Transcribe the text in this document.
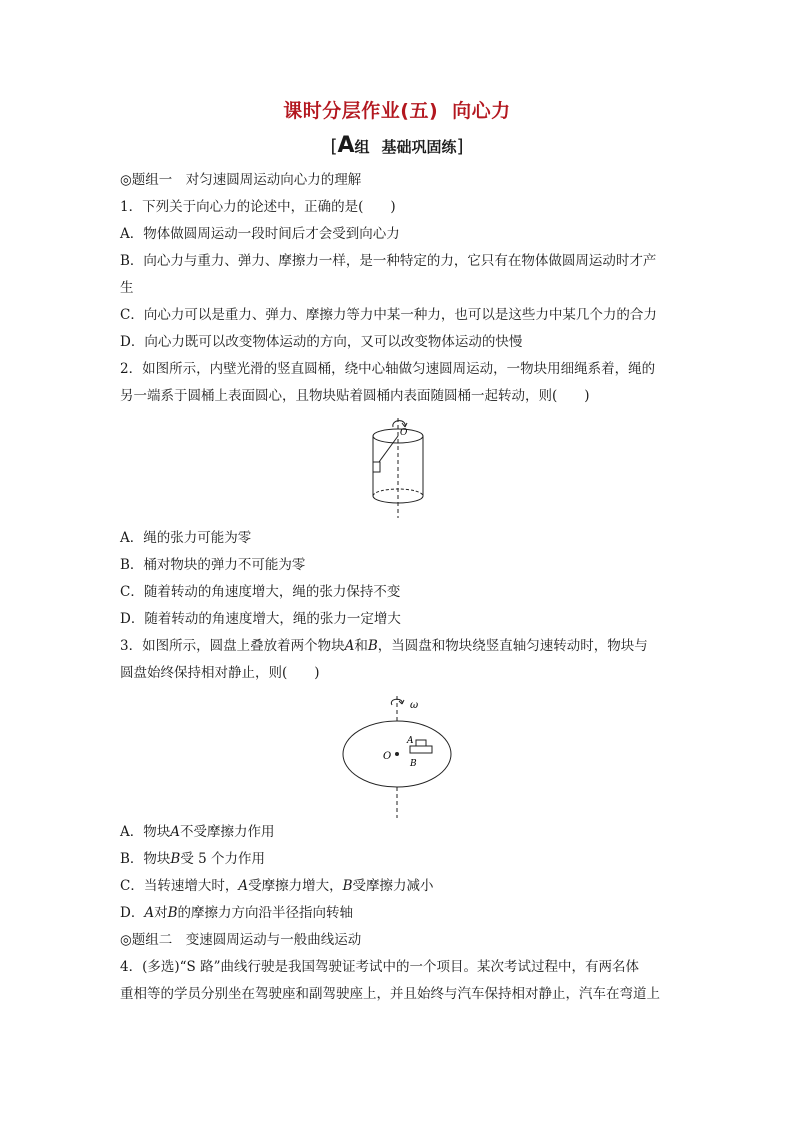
课时分层作业(五) 向心力
[A组 基础巩固练]
◎题组一　对匀速圆周运动向心力的理解
1．下列关于向心力的论述中，正确的是(　　)
A．物体做圆周运动一段时间后才会受到向心力
B．向心力与重力、弹力、摩擦力一样，是一种特定的力，它只有在物体做圆周运动时才产
生
C．向心力可以是重力、弹力、摩擦力等力中某一种力，也可以是这些力中某几个力的合力
D．向心力既可以改变物体运动的方向，又可以改变物体运动的快慢
2．如图所示，内壁光滑的竖直圆桶，绕中心轴做匀速圆周运动，一物块用细绳系着，绳的
另一端系于圆桶上表面圆心，且物块贴着圆桶内表面随圆桶一起转动，则(　　)
O
A．绳的张力可能为零
B．桶对物块的弹力不可能为零
C．随着转动的角速度增大，绳的张力保持不变
D．随着转动的角速度增大，绳的张力一定增大
3．如图所示，圆盘上叠放着两个物块A和B，当圆盘和物块绕竖直轴匀速转动时，物块与
圆盘始终保持相对静止，则(　　)
ω
O
A
B
A．物块A不受摩擦力作用
B．物块B受 5 个力作用
C．当转速增大时，A受摩擦力增大，B受摩擦力减小
D．A对B的摩擦力方向沿半径指向转轴
◎题组二　变速圆周运动与一般曲线运动
4．(多选)“S 路”曲线行驶是我国驾驶证考试中的一个项目。某次考试过程中，有两名体
重相等的学员分别坐在驾驶座和副驾驶座上，并且始终与汽车保持相对静止，汽车在弯道上
